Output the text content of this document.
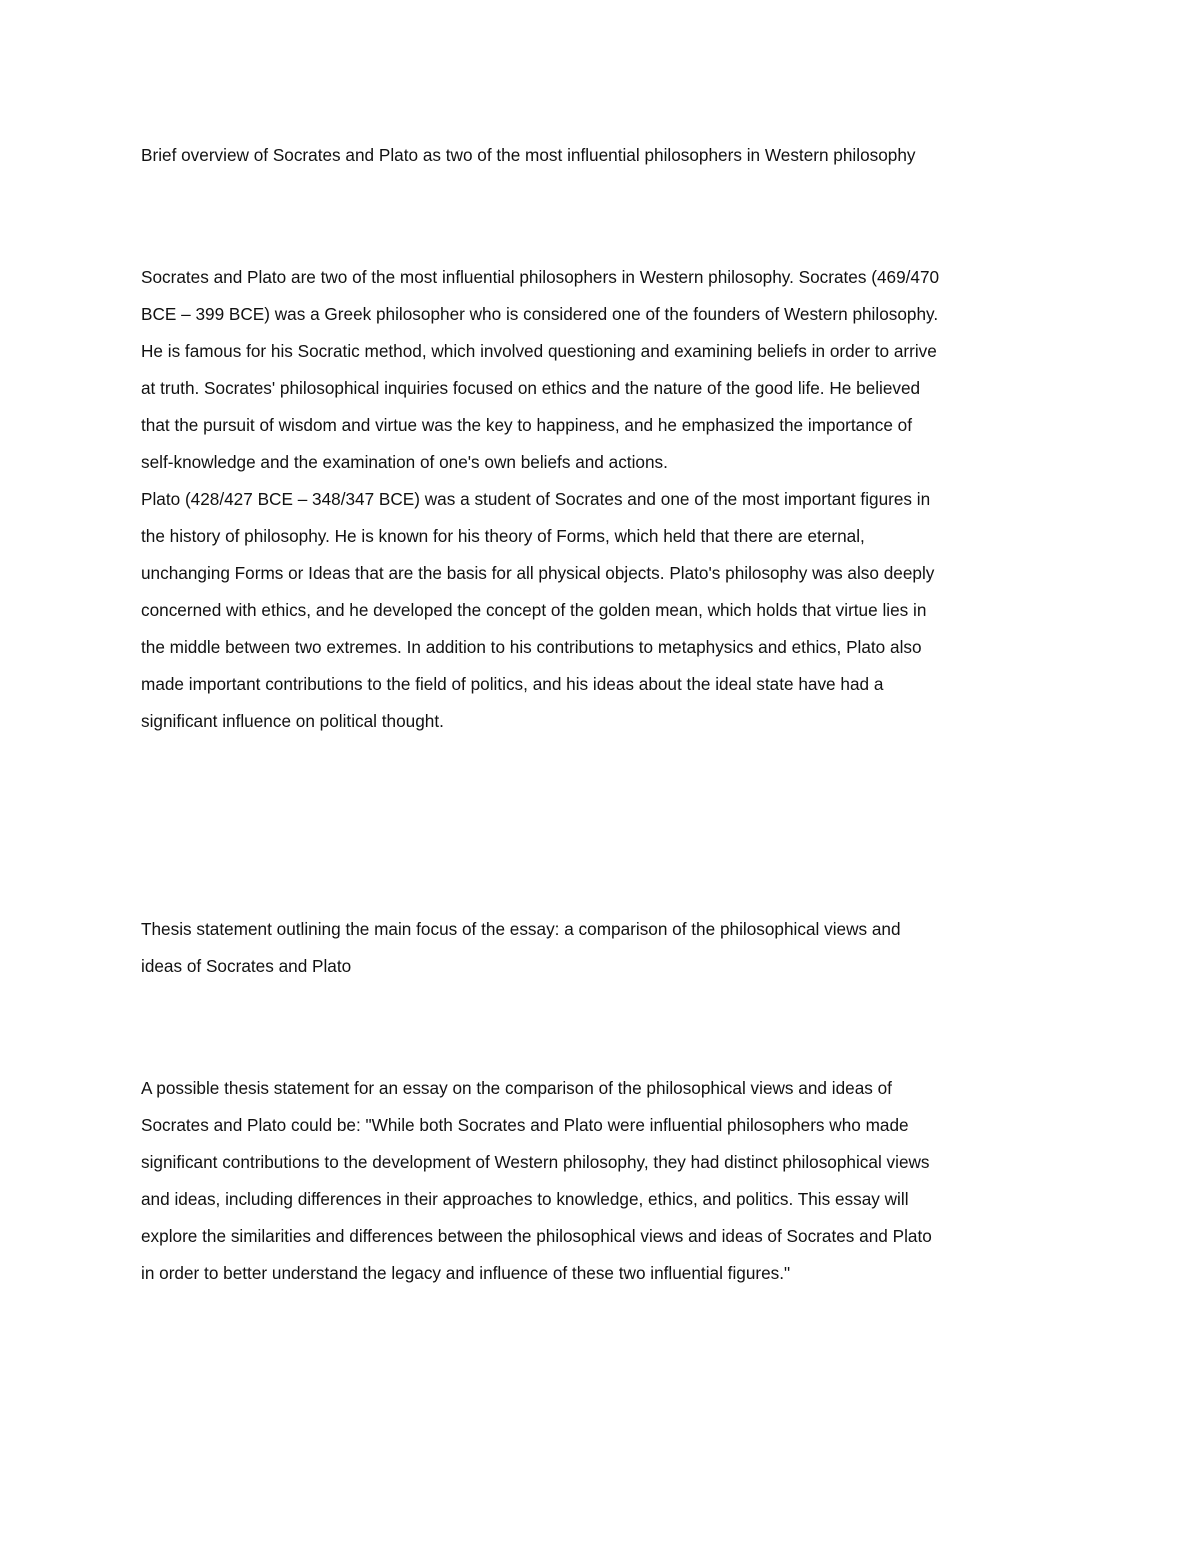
Brief overview of Socrates and Plato as two of the most influential philosophers in Western philosophy
Socrates and Plato are two of the most influential philosophers in Western philosophy. Socrates (469/470
BCE – 399 BCE) was a Greek philosopher who is considered one of the founders of Western philosophy.
He is famous for his Socratic method, which involved questioning and examining beliefs in order to arrive
at truth. Socrates' philosophical inquiries focused on ethics and the nature of the good life. He believed
that the pursuit of wisdom and virtue was the key to happiness, and he emphasized the importance of
self-knowledge and the examination of one's own beliefs and actions.
Plato (428/427 BCE – 348/347 BCE) was a student of Socrates and one of the most important figures in
the history of philosophy. He is known for his theory of Forms, which held that there are eternal,
unchanging Forms or Ideas that are the basis for all physical objects. Plato's philosophy was also deeply
concerned with ethics, and he developed the concept of the golden mean, which holds that virtue lies in
the middle between two extremes. In addition to his contributions to metaphysics and ethics, Plato also
made important contributions to the field of politics, and his ideas about the ideal state have had a
significant influence on political thought.
Thesis statement outlining the main focus of the essay: a comparison of the philosophical views and
ideas of Socrates and Plato
A possible thesis statement for an essay on the comparison of the philosophical views and ideas of
Socrates and Plato could be: "While both Socrates and Plato were influential philosophers who made
significant contributions to the development of Western philosophy, they had distinct philosophical views
and ideas, including differences in their approaches to knowledge, ethics, and politics. This essay will
explore the similarities and differences between the philosophical views and ideas of Socrates and Plato
in order to better understand the legacy and influence of these two influential figures."
